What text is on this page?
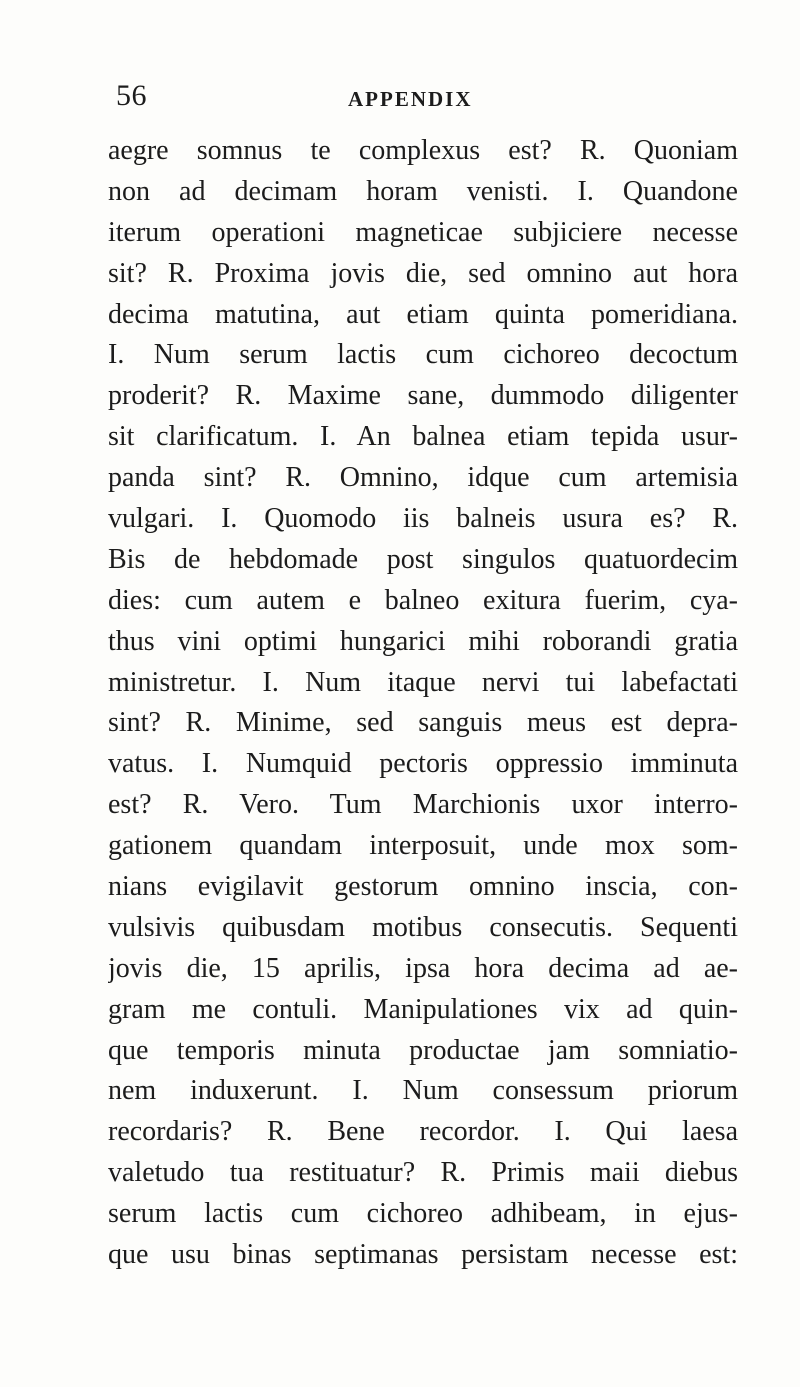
56	APPENDIX
aegre somnus te complexus est? R. Quoniam
non ad decimam horam venisti. I. Quandone
iterum operationi magneticae subjiciere necesse
sit? R. Proxima jovis die, sed omnino aut hora
decima matutina, aut etiam quinta pomeridiana.
I. Num serum lactis cum cichoreo decoctum
proderit? R. Maxime sane, dummodo diligenter
sit clarificatum. I. An balnea etiam tepida usur-
panda sint? R. Omnino, idque cum artemisia
vulgari. I. Quomodo iis balneis usura es? R.
Bis de hebdomade post singulos quatuordecim
dies: cum autem e balneo exitura fuerim, cya-
thus vini optimi hungarici mihi roborandi gratia
ministretur. I. Num itaque nervi tui labefactati
sint? R. Minime, sed sanguis meus est depra-
vatus. I. Numquid pectoris oppressio imminuta
est? R. Vero. Tum Marchionis uxor interro-
gationem quandam interposuit, unde mox som-
nians evigilavit gestorum omnino inscia, con-
vulsivis quibusdam motibus consecutis. Sequenti
jovis die, 15 aprilis, ipsa hora decima ad ae-
gram me contuli. Manipulationes vix ad quin-
que temporis minuta productae jam somniatio-
nem induxerunt. I. Num consessum priorum
recordaris? R. Bene recordor. I. Qui laesa
valetudo tua restituatur? R. Primis maii diebus
serum lactis cum cichoreo adhibeam, in ejus-
que usu binas septimanas persistam necesse est:
